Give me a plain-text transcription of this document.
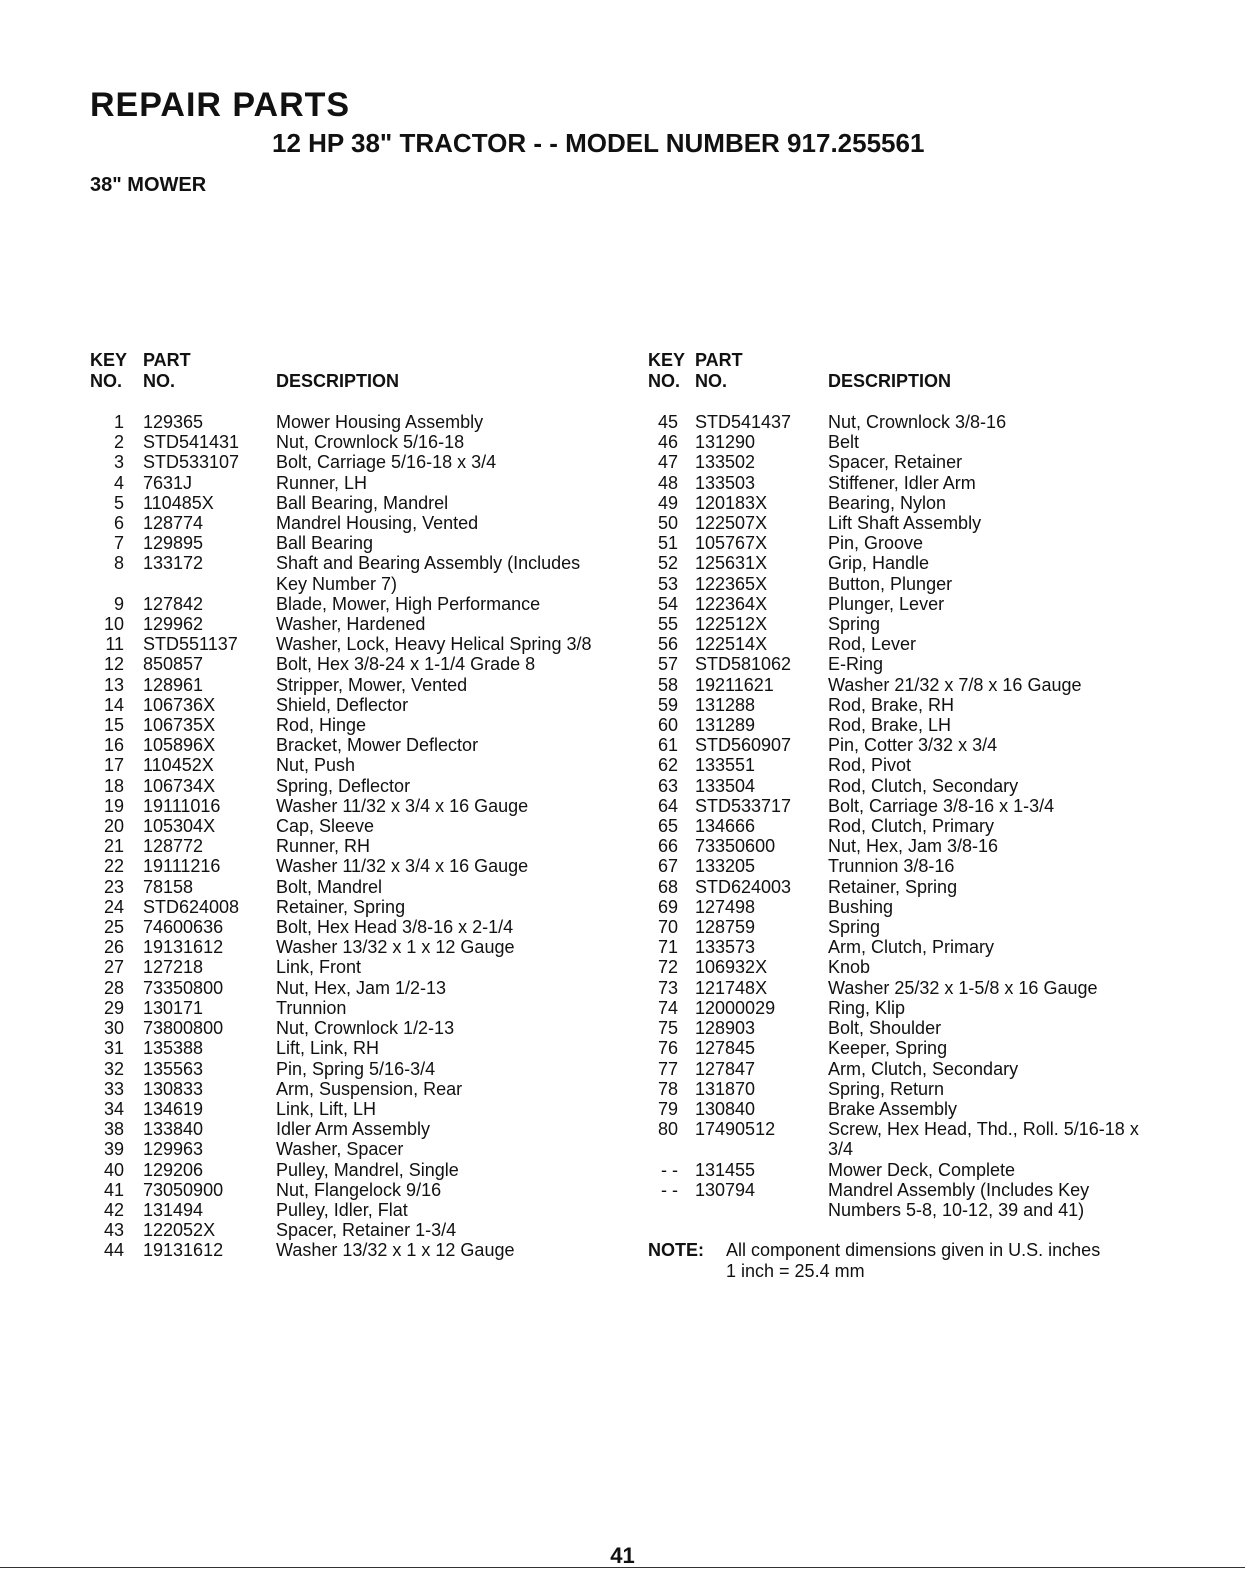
REPAIR PARTS
12 HP 38" TRACTOR - - MODEL NUMBER 917.255561
38" MOWER
KEY
NO.
PART
NO.	DESCRIPTION
1 129365	Mower Housing Assembly
2 STD541431 Nut, Crownlock 5/16-18
3 STD533107 Bolt, Carriage 5/16-18 x 3/4
4 7631J	Runner, LH
5 110485X	Ball Bearing, Mandrel
6 128774	Mandrel Housing, Vented
7 129895	Ball Bearing
8 133172	Shaft and Bearing Assembly (Includes Key Number 7)
9 127842	Blade, Mower, High Performance
10 129962	Washer, Hardened
11 STD551137 Washer, Lock, Heavy Helical Spring 3/8
12 850857	Bolt, Hex 3/8-24 x 1-1/4 Grade 8
13 128961	Stripper, Mower, Vented
14 106736X	Shield, Deflector
15 106735X	Rod, Hinge
16 105896X	Bracket, Mower Deflector
17 110452X	Nut, Push
18 106734X	Spring, Deflector
19 19111016	Washer 11/32 x 3/4 x 16 Gauge
20 105304X	Cap, Sleeve
21 128772	Runner, RH
22 19111216	Washer 11/32 x 3/4 x 16 Gauge
23 78158	Bolt, Mandrel
24 STD624008 Retainer, Spring
25 74600636	Bolt, Hex Head 3/8-16 x 2-1/4
26 19131612	Washer 13/32 x 1 x 12 Gauge
27 127218	Link, Front
28 73350800	Nut, Hex, Jam 1/2-13
29 130171	Trunnion
30 73800800	Nut, Crownlock 1/2-13
31 135388	Lift, Link, RH
32 135563	Pin, Spring 5/16-3/4
33 130833	Arm, Suspension, Rear
34 134619	Link, Lift, LH
38 133840	Idler Arm Assembly
39 129963	Washer, Spacer
40 129206	Pulley, Mandrel, Single
41 73050900	Nut, Flangelock 9/16
42 131494	Pulley, Idler, Flat
43 122052X	Spacer, Retainer 1-3/4
44 19131612	Washer 13/32 x 1 x 12 Gauge
KEY
NO.
PART
NO.	DESCRIPTION
45 STD541437 Nut, Crownlock 3/8-16
46 131290	Belt
47 133502	Spacer, Retainer
48 133503	Stiffener, Idler Arm
49 120183X	Bearing, Nylon
50 122507X	Lift Shaft Assembly
51 105767X	Pin, Groove
52 125631X	Grip, Handle
53 122365X	Button, Plunger
54 122364X	Plunger, Lever
55 122512X	Spring
56 122514X	Rod, Lever
57 STD581062 E-Ring
58 19211621	Washer 21/32 x 7/8 x 16 Gauge
59 131288	Rod, Brake, RH
60 131289	Rod, Brake, LH
61 STD560907 Pin, Cotter 3/32 x 3/4
62 133551	Rod, Pivot
63 133504	Rod, Clutch, Secondary
64 STD533717 Bolt, Carriage 3/8-16 x 1-3/4
65 134666	Rod, Clutch, Primary
66 73350600	Nut, Hex, Jam 3/8-16
67 133205	Trunnion 3/8-16
68 STD624003 Retainer, Spring
69 127498	Bushing
70 128759	Spring
71 133573	Arm, Clutch, Primary
72 106932X	Knob
73 121748X	Washer 25/32 x 1-5/8 x 16 Gauge
74 12000029	Ring, Klip
75 128903	Bolt, Shoulder
76 127845	Keeper, Spring
77 127847	Arm, Clutch, Secondary
78 131870	Spring, Return
79 130840	Brake Assembly
80 17490512	Screw, Hex Head, Thd., Roll. 5/16-18 x 3/4
- - 131455	Mower Deck, Complete
- - 130794	Mandrel Assembly (Includes Key Numbers 5-8, 10-12, 39 and 41)
NOTE: All component dimensions given in U.S. inches
1 inch = 25.4 mm
41
